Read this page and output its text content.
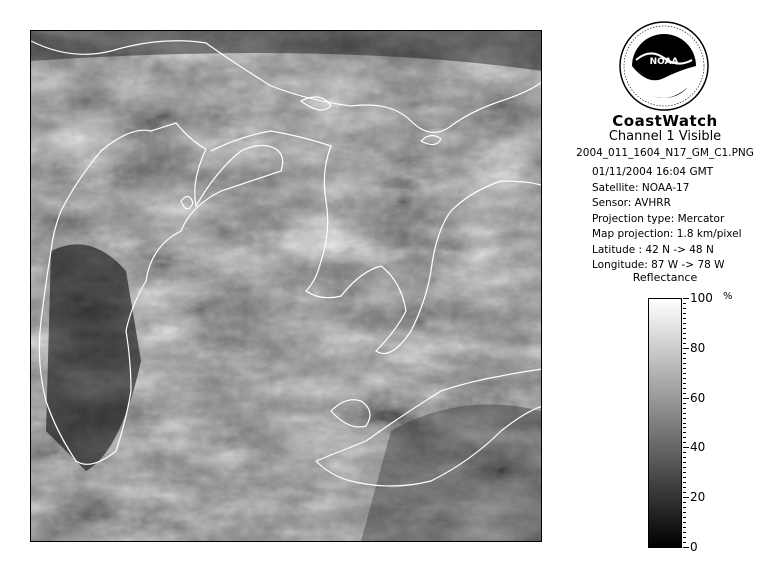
NOAA
CoastWatch
Channel 1 Visible
2004_011_1604_N17_GM_C1.PNG
01/11/2004 16:04 GMT
Satellite: NOAA-17
Sensor: AVHRR
Projection type: Mercator
Map projection: 1.8 km/pixel
Latitude : 42 N -> 48 N
Longitude: 87 W -> 78 W
Reflectance
100
80
60
40
20
0
%
